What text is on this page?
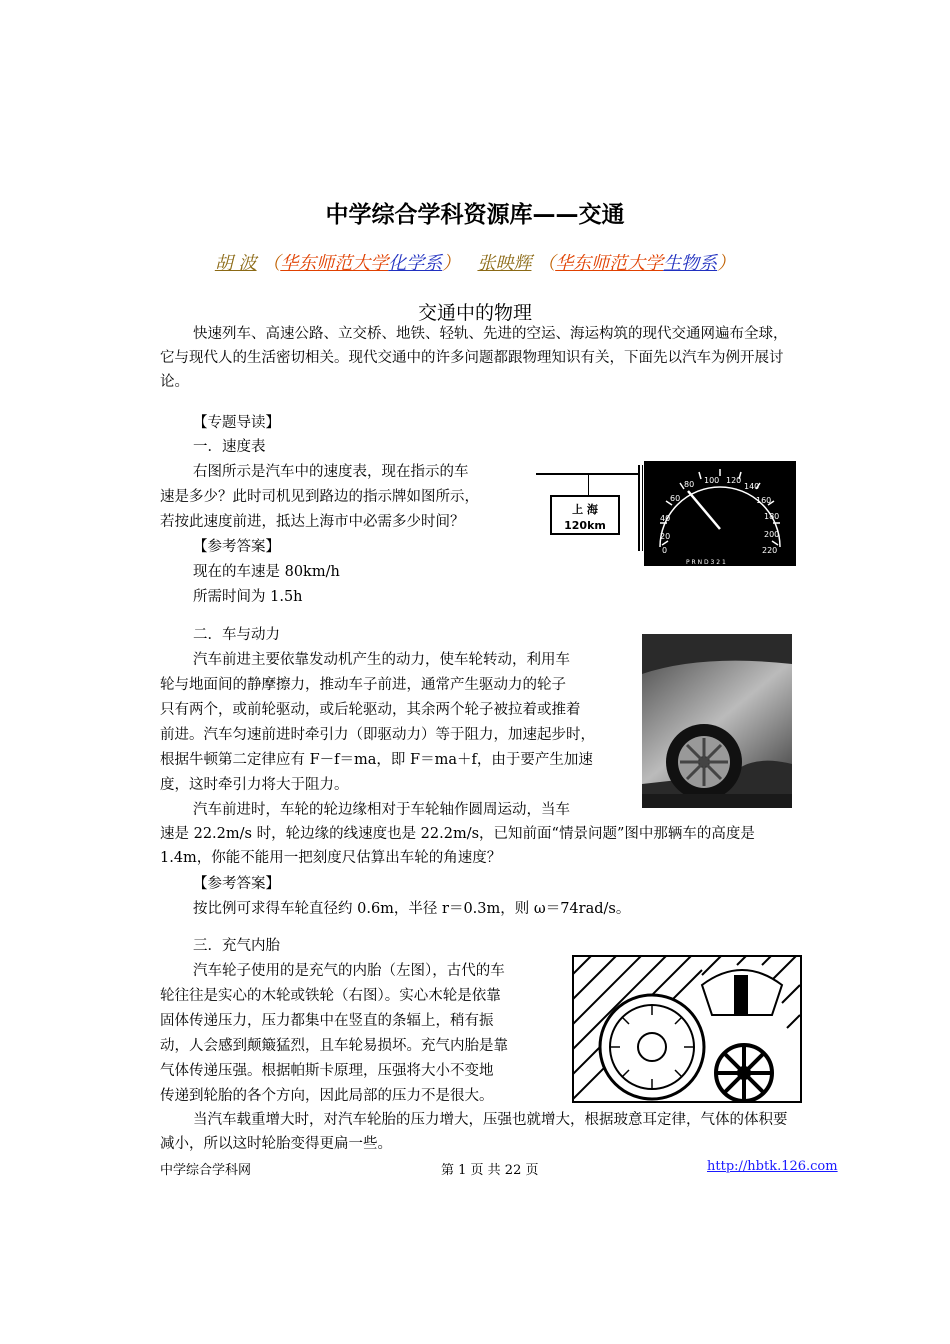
中学综合学科资源库——交通
胡 波 （华东师范大学化学系） 张映辉 （华东师范大学生物系）
交通中的物理
快速列车、高速公路、立交桥、地铁、轻轨、先进的空运、海运构筑的现代交通网遍布全球，它与现代人的生活密切相关。现代交通中的许多问题都跟物理知识有关，下面先以汽车为例开展讨论。
【专题导读】
一．速度表
右图所示是汽车中的速度表，现在指示的车
速是多少？此时司机见到路边的指示牌如图所示，
若按此速度前进，抵达上海市中必需多少时间？
【参考答案】
现在的车速是 80km/h
所需时间为 1.5h
上 海
120km
0
20
40
60
80 100 120
140
160
180
200
220
P R N D 3 2 1
二．车与动力
汽车前进主要依靠发动机产生的动力，使车轮转动，利用车
轮与地面间的静摩擦力，推动车子前进，通常产生驱动力的轮子
只有两个，或前轮驱动，或后轮驱动，其余两个轮子被拉着或推着
前进。汽车匀速前进时牵引力（即驱动力）等于阻力，加速起步时，
根据牛顿第二定律应有 F－f＝ma，即 F＝ma＋f，由于要产生加速
度，这时牵引力将大于阻力。
汽车前进时，车轮的轮边缘相对于车轮轴作圆周运动，当车
速是 22.2m/s 时，轮边缘的线速度也是 22.2m/s，已知前面“情景问题”图中那辆车的高度是 1.4m，你能不能用一把刻度尺估算出车轮的角速度？
【参考答案】
按比例可求得车轮直径约 0.6m，半径 r＝0.3m，则 ω＝74rad/s。
三．充气内胎
汽车轮子使用的是充气的内胎（左图），古代的车
轮往往是实心的木轮或铁轮（右图）。实心木轮是依靠
固体传递压力，压力都集中在竖直的条辐上，稍有振
动，人会感到颠簸猛烈，且车轮易损坏。充气内胎是靠
气体传递压强。根据帕斯卡原理，压强将大小不变地
传递到轮胎的各个方向，因此局部的压力不是很大。
当汽车载重增大时，对汽车轮胎的压力增大，压强也就增大，根据玻意耳定律，气体的体积要减小，所以这时轮胎变得更扁一些。
中学综合学科网	第 1 页 共 22 页	http://hbtk.126.com
